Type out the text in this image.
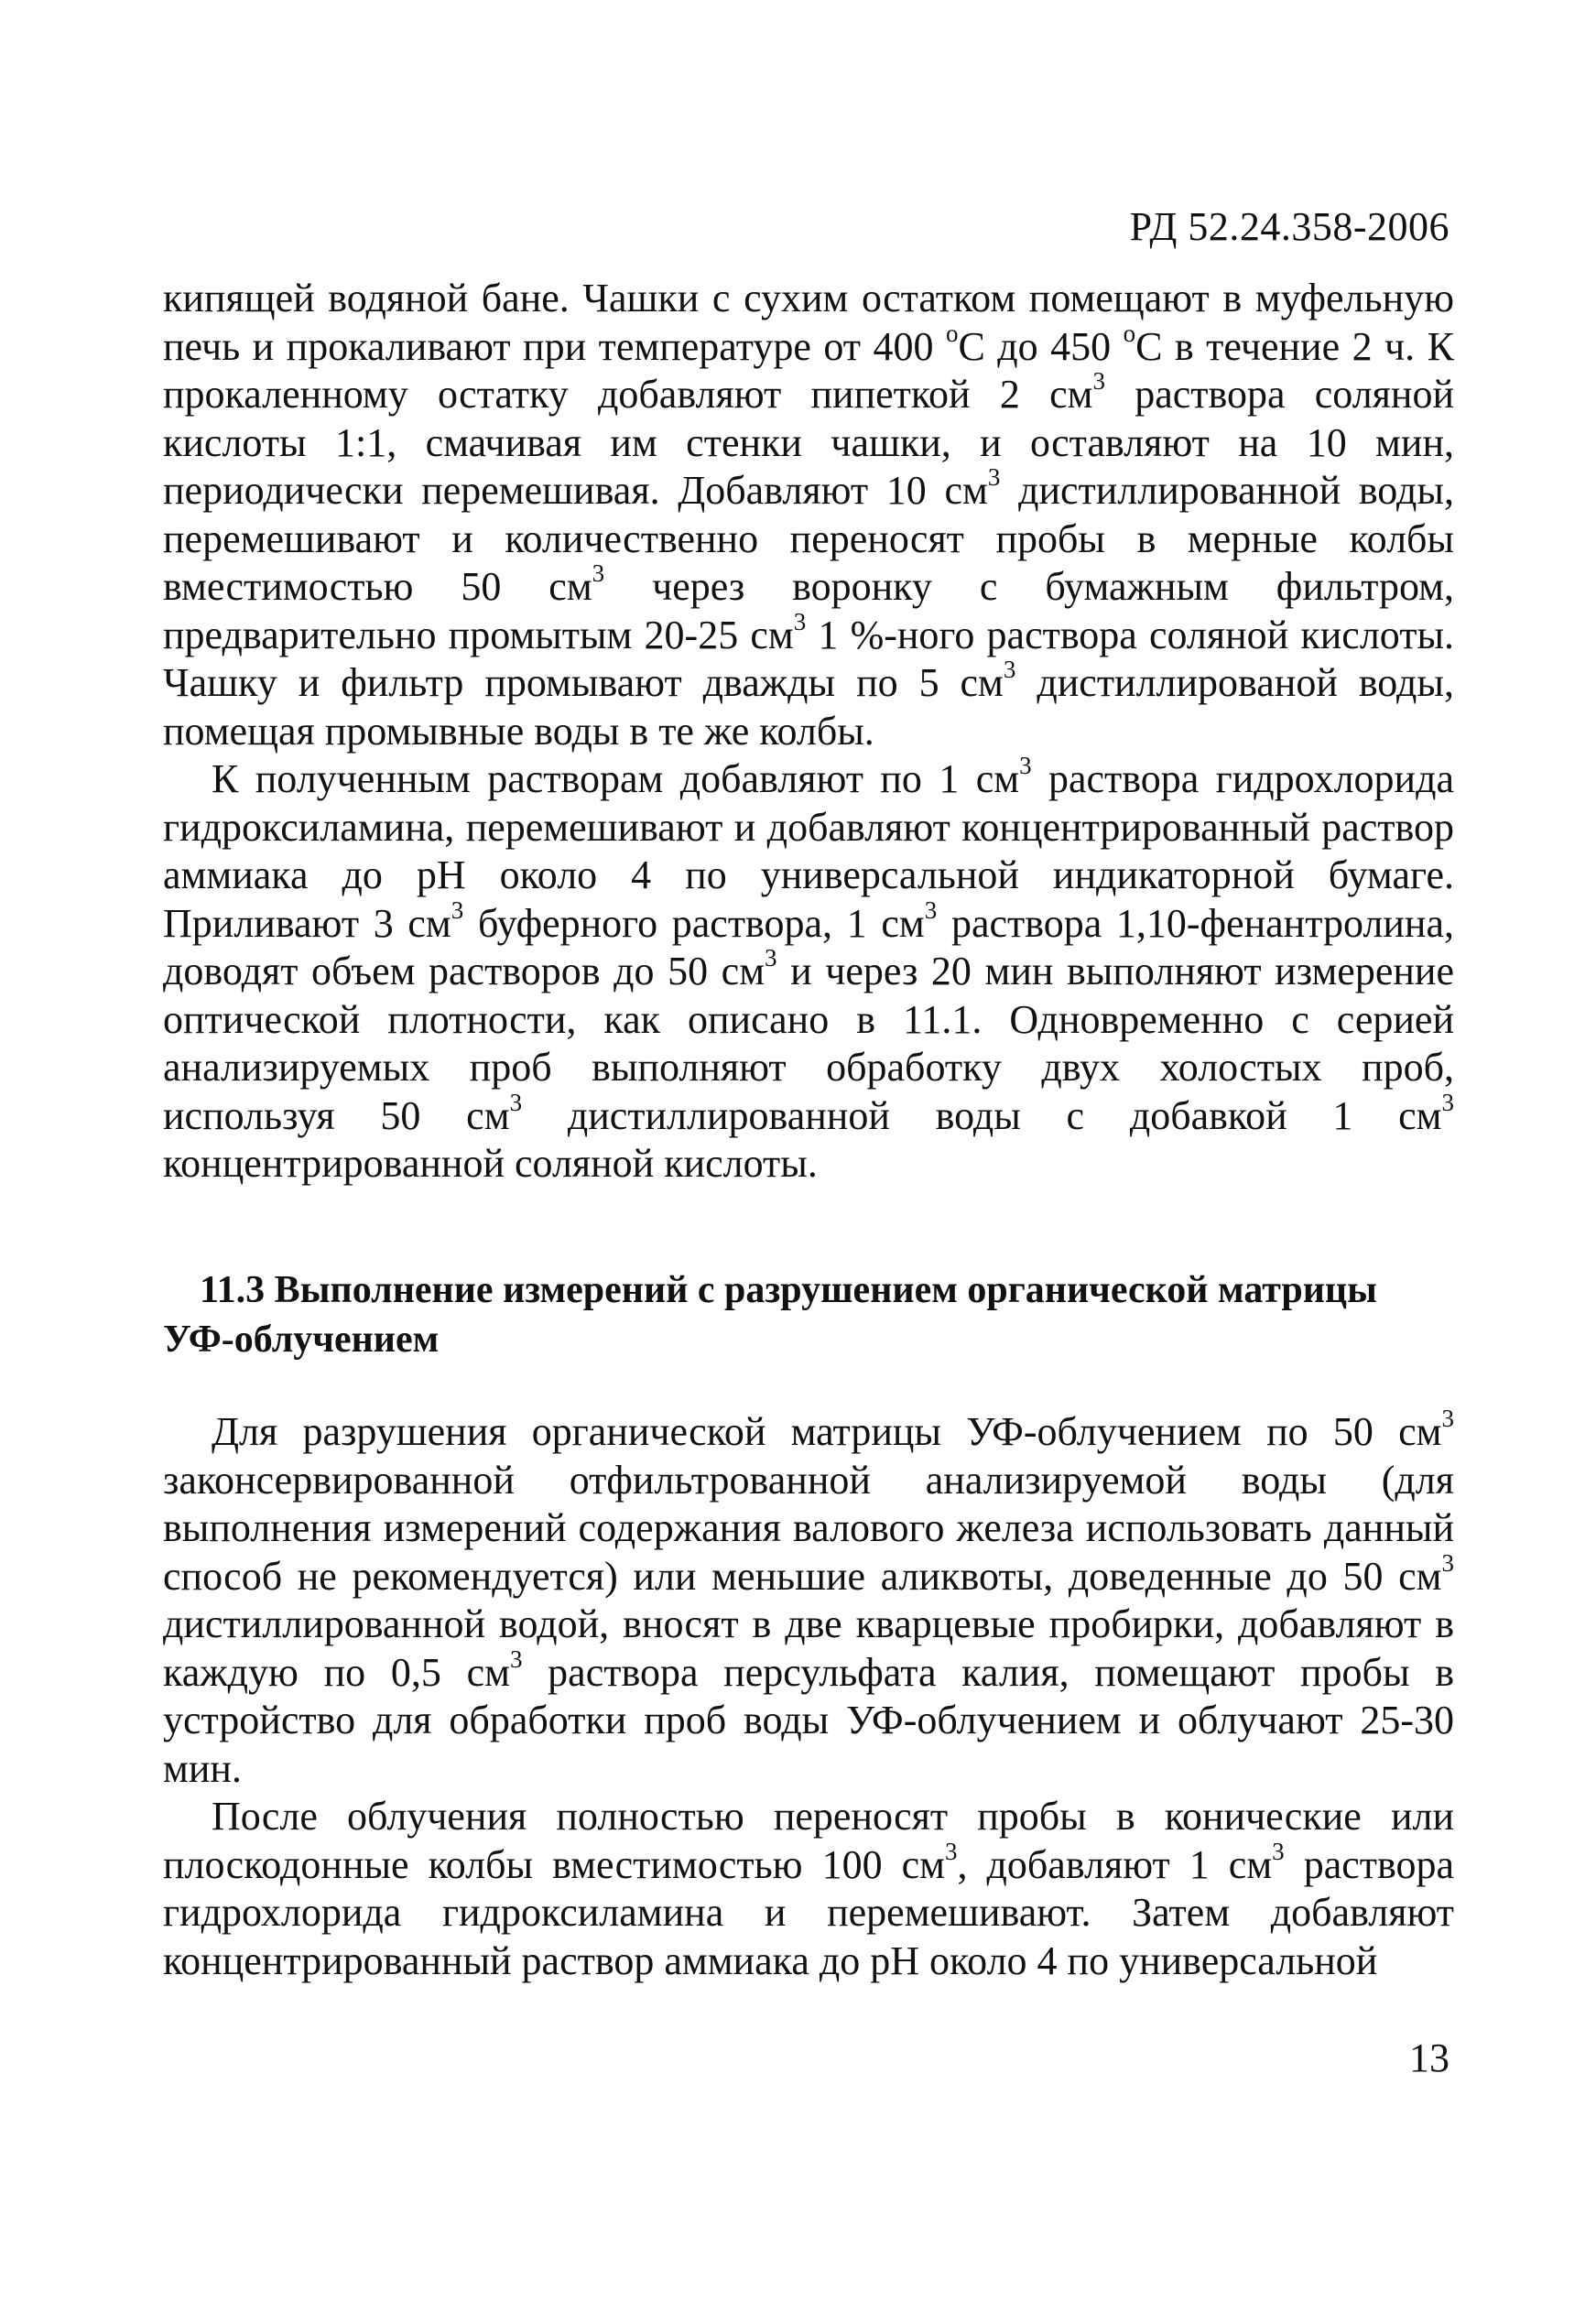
РД 52.24.358-2006

кипящей водяной бане. Чашки с сухим остатком помещают в муфельную печь и прокаливают при температуре от 400 $^о$С до 450 $^о$С в течение 2 ч. К прокаленному остатку добавляют пипеткой 2 $см^3$ раствора соляной кислоты 1:1, смачивая им стенки чашки, и оставляют на 10 мин, периодически перемешивая. Добавляют 10 $см^3$ дистиллированной воды, перемешивают и количественно переносят пробы в мерные колбы вместимостью 50 $см^3$ через воронку с бумажным фильтром, предварительно промытым 20-25 $см^3$ 1 %-ного раствора соляной кислоты. Чашку и фильтр промывают дважды по 5 $см^3$ дистиллированой воды, помещая промывные воды в те же колбы.

К полученным растворам добавляют по 1 $см^3$ раствора гидрохлорида гидроксиламина, перемешивают и добавляют концентрированный раствор аммиака до pH около 4 по универсальной индикаторной бумаге. Приливают 3 $см^3$ буферного раствора, 1 $см^3$ раствора 1,10-фенантролина, доводят объем растворов до 50 $см^3$ и через 20 мин выполняют измерение оптической плотности, как описано в 11.1. Одновременно с серией анализируемых проб выполняют обработку двух холостых проб, используя 50 $см^3$ дистиллированной воды с добавкой 1 $см^3$ концентрированной соляной кислоты.

11.3 Выполнение измерений с разрушением органической матрицы УФ-облучением

Для разрушения органической матрицы УФ-облучением по 50 $см^3$ законсервированной отфильтрованной анализируемой воды (для выполнения измерений содержания валового железа использовать данный способ не рекомендуется) или меньшие аликвоты, доведенные до 50 $см^3$ дистиллированной водой, вносят в две кварцевые пробирки, добавляют в каждую по 0,5 $см^3$ раствора персульфата калия, помещают пробы в устройство для обработки проб воды УФ-облучением и облучают 25-30 мин.

После облучения полностью переносят пробы в конические или плоскодонные колбы вместимостью 100 $см^3$, добавляют 1 $см^3$ раствора гидрохлорида гидроксиламина и перемешивают. Затем добавляют концентрированный раствор аммиака до pH около 4 по универсальной

13
